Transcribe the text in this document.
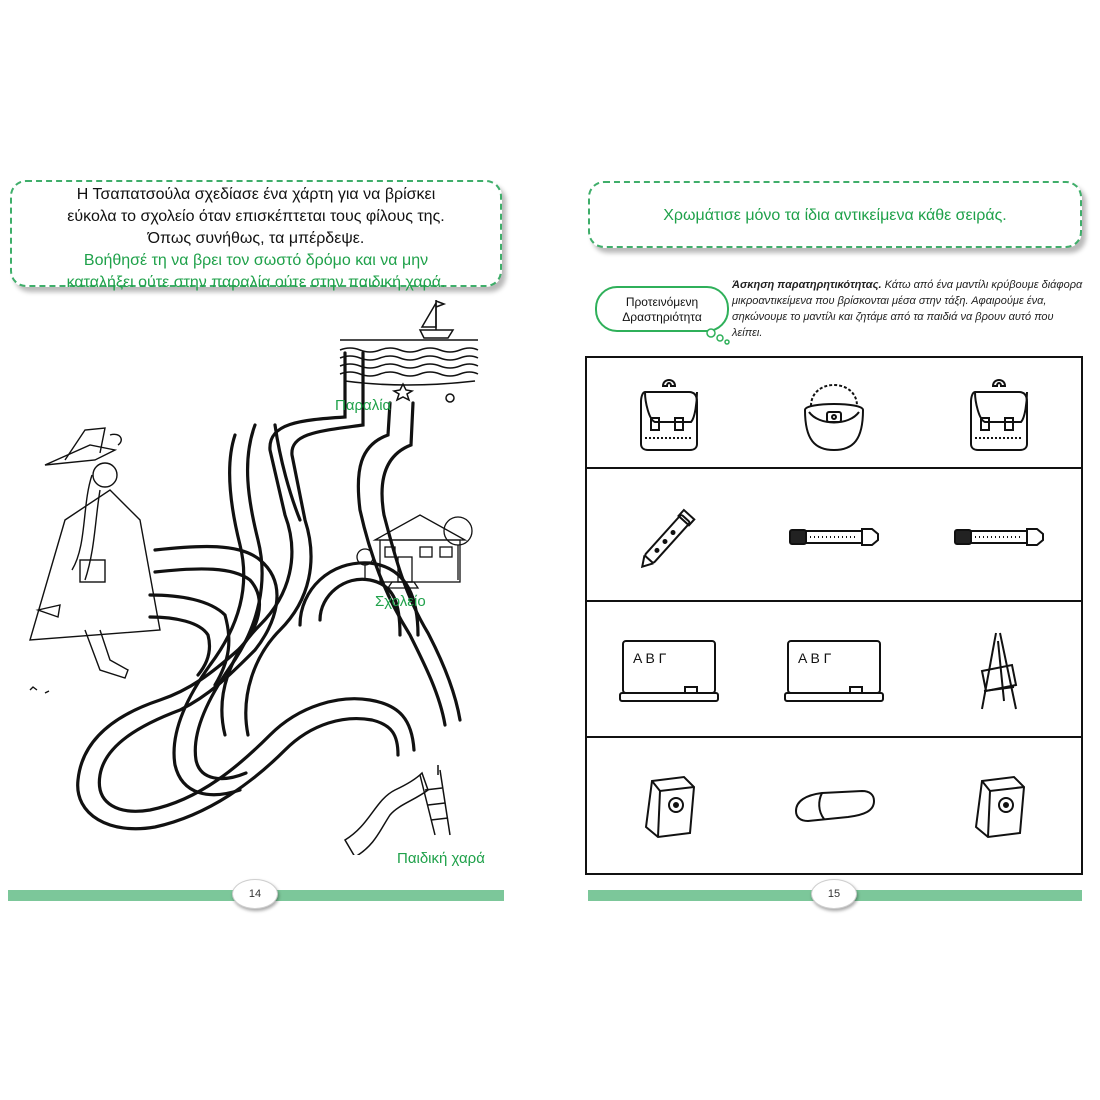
Η Τσαπατσούλα σχεδίασε ένα χάρτη για να βρίσκει
εύκολα το σχολείο όταν επισκέπτεται τους φίλους της.
Όπως συνήθως, τα μπέρδεψε.
Βοήθησέ τη να βρει τον σωστό δρόμο και να μην
καταλήξει ούτε στην παραλία ούτε στην παιδική χαρά.
Παραλία
Σχολείο
Παιδική χαρά
14
Χρωμάτισε μόνο τα ίδια αντικείμενα κάθε σειράς.
Προτεινόμενη
Δραστηριότητα
Άσκηση παρατηρητικότητας. Κάτω από ένα μαντίλι κρύβουμε διάφορα μικροαντικείμενα που βρίσκονται μέσα στην τάξη. Αφαιρούμε ένα, σηκώνουμε το μαντίλι και ζητάμε από τα παιδιά να βρουν αυτό που λείπει.
Α Β Γ	Α Β Γ
15
